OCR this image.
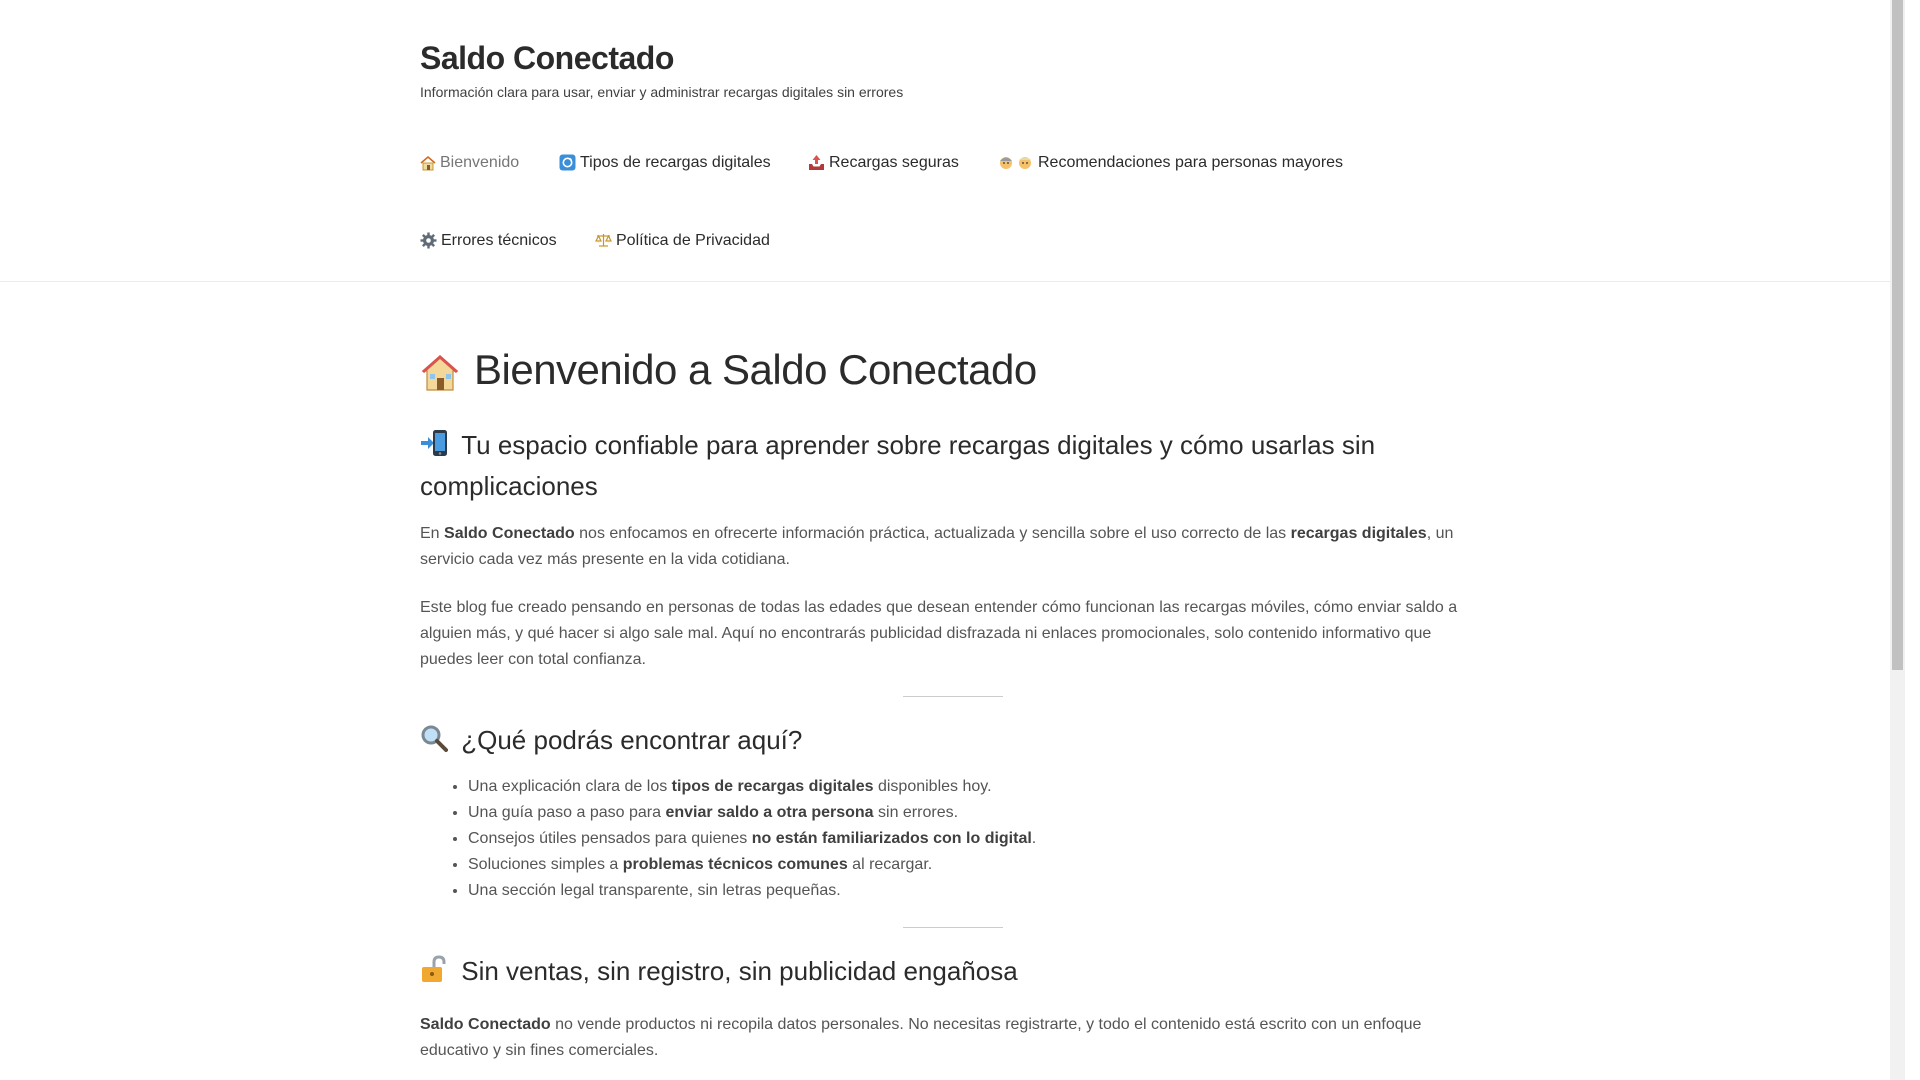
Saldo Conectado

Información clara para usar, enviar y administrar recargas digitales sin errores

Bienvenido	Tipos de recargas digitales	Recargas seguras	Recomendaciones para personas mayores
Errores técnicos	Política de Privacidad
Bienvenido a Saldo Conectado
Tu espacio confiable para aprender sobre recargas digitales y cómo usarlas sin complicaciones

En Saldo Conectado nos enfocamos en ofrecerte información práctica, actualizada y sencilla sobre el uso correcto de las recargas digitales, un servicio cada vez más presente en la vida cotidiana.

Este blog fue creado pensando en personas de todas las edades que desean entender cómo funcionan las recargas móviles, cómo enviar saldo a alguien más, y qué hacer si algo sale mal. Aquí no encontrarás publicidad disfrazada ni enlaces promocionales, solo contenido informativo que puedes leer con total confianza.

¿Qué podrás encontrar aquí?
• Una explicación clara de los tipos de recargas digitales disponibles hoy.
• Una guía paso a paso para enviar saldo a otra persona sin errores.
• Consejos útiles pensados para quienes no están familiarizados con lo digital.
• Soluciones simples a problemas técnicos comunes al recargar.
• Una sección legal transparente, sin letras pequeñas.
Sin ventas, sin registro, sin publicidad engañosa

Saldo Conectado no vende productos ni recopila datos personales. No necesitas registrarte, y todo el contenido está escrito con un enfoque educativo y sin fines comerciales.
